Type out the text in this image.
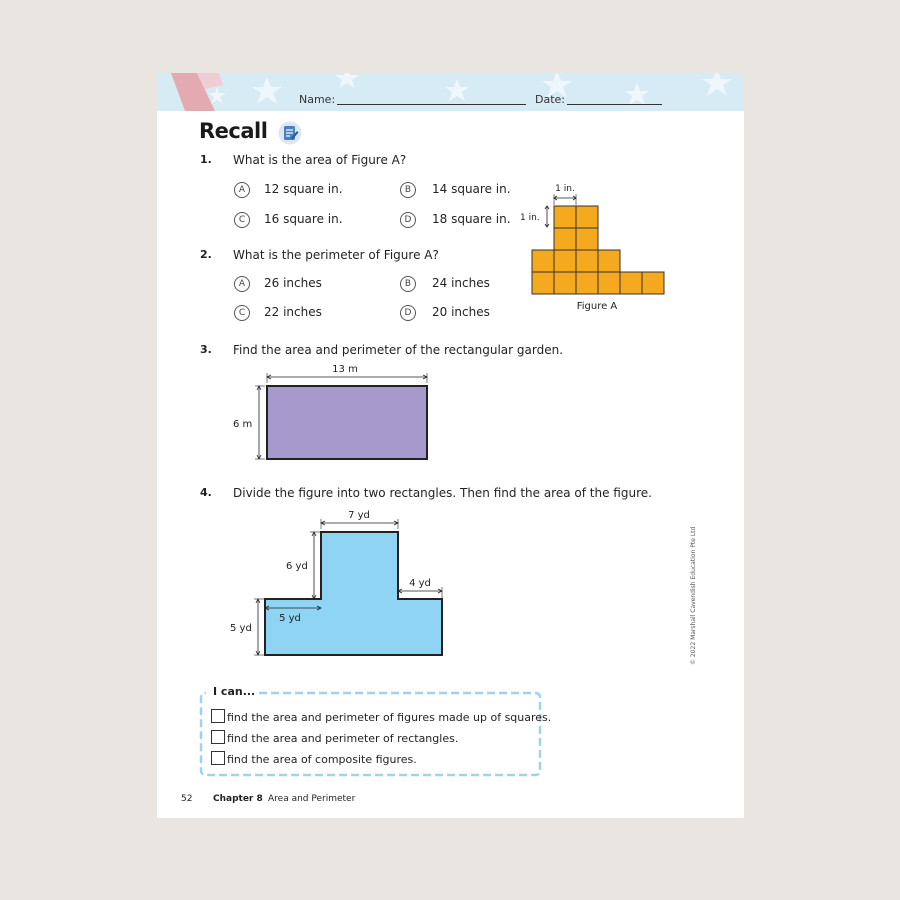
Name:	Date:
Recall
1. What is the area of Figure A?
A	12 square in.	B	14 square in.
C	16 square in.	D	18 square in.
2. What is the perimeter of Figure A?
A	26 inches	B	24 inches
C	22 inches	D	20 inches
1 in.
1 in.
Figure A
3. Find the area and perimeter of the rectangular garden.
13 m
6 m
4. Divide the figure into two rectangles. Then find the area of the figure.
7 yd
6 yd
4 yd
5 yd
5 yd
I can...
find the area and perimeter of figures made up of squares.
find the area and perimeter of rectangles.
find the area of composite figures.
52 Chapter 8 Area and Perimeter
© 2022 Marshall Cavendish Education Pte Ltd
